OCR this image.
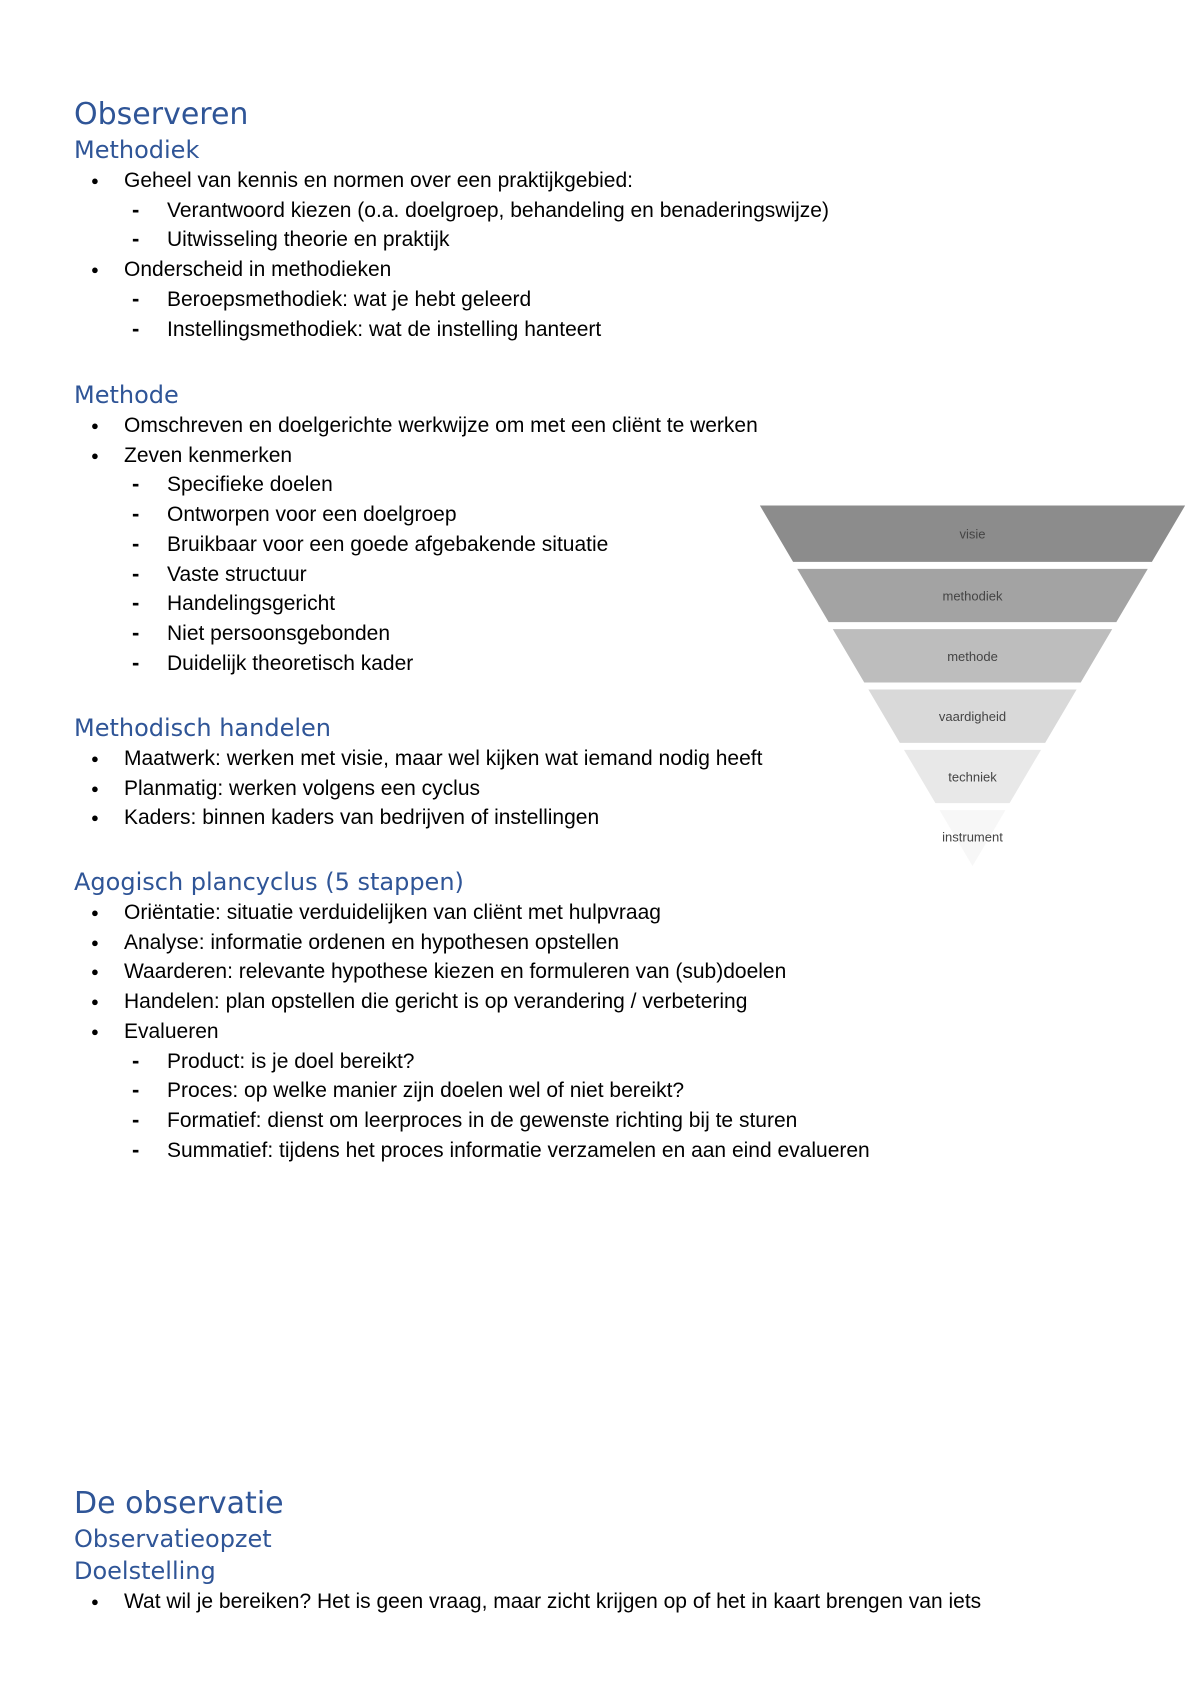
Observeren
Methodiek
● Geheel van kennis en normen over een praktijkgebied:
- Verantwoord kiezen (o.a. doelgroep, behandeling en benaderingswijze)
- Uitwisseling theorie en praktijk
● Onderscheid in methodieken
- Beroepsmethodiek: wat je hebt geleerd
- Instellingsmethodiek: wat de instelling hanteert
Methode
● Omschreven en doelgerichte werkwijze om met een cliënt te werken
● Zeven kenmerken
- Specifieke doelen
- Ontworpen voor een doelgroep
- Bruikbaar voor een goede afgebakende situatie
- Vaste structuur
- Handelingsgericht
- Niet persoonsgebonden
- Duidelijk theoretisch kader
Methodisch handelen
● Maatwerk: werken met visie, maar wel kijken wat iemand nodig heeft
● Planmatig: werken volgens een cyclus
● Kaders: binnen kaders van bedrijven of instellingen
Agogisch plancyclus (5 stappen)
● Oriëntatie: situatie verduidelijken van cliënt met hulpvraag
● Analyse: informatie ordenen en hypothesen opstellen
● Waarderen: relevante hypothese kiezen en formuleren van (sub)doelen
● Handelen: plan opstellen die gericht is op verandering / verbetering
● Evalueren
- Product: is je doel bereikt?
- Proces: op welke manier zijn doelen wel of niet bereikt?
- Formatief: dienst om leerproces in de gewenste richting bij te sturen
- Summatief: tijdens het proces informatie verzamelen en aan eind evalueren
De observatie
Observatieopzet
Doelstelling
● Wat wil je bereiken? Het is geen vraag, maar zicht krijgen op of het in kaart brengen van iets
visie
methodiek
methode
vaardigheid
techniek
instrument
